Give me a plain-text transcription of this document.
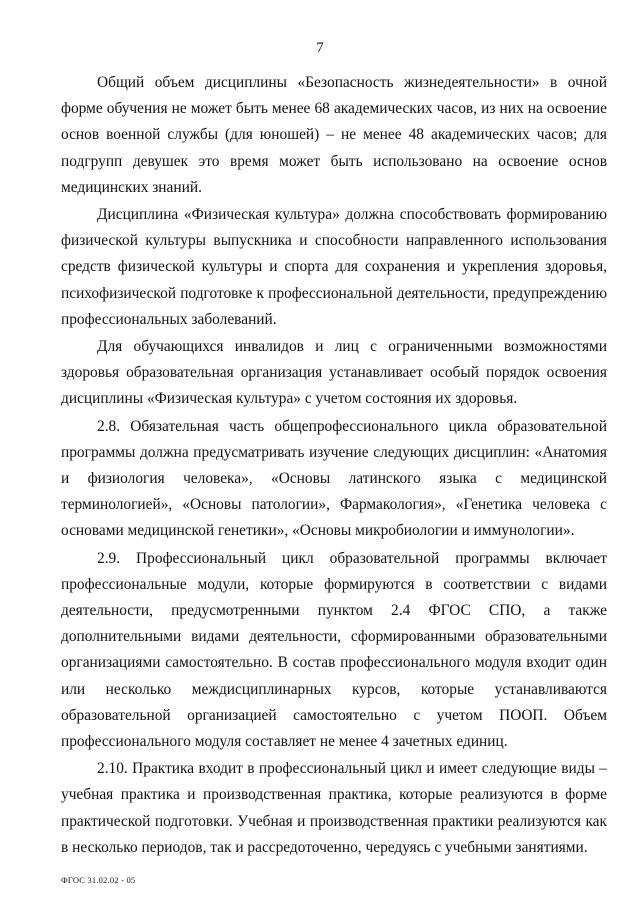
7

Общий объем дисциплины «Безопасность жизнедеятельности» в очной форме обучения не может быть менее 68 академических часов, из них на освоение основ военной службы (для юношей) – не менее 48 академических часов; для подгрупп девушек это время может быть использовано на освоение основ медицинских знаний.

Дисциплина «Физическая культура» должна способствовать формированию физической культуры выпускника и способности направленного использования средств физической культуры и спорта для сохранения и укрепления здоровья, психофизической подготовке к профессиональной деятельности, предупреждению профессиональных заболеваний.

Для обучающихся инвалидов и лиц с ограниченными возможностями здоровья образовательная организация устанавливает особый порядок освоения дисциплины «Физическая культура» с учетом состояния их здоровья.

2.8. Обязательная часть общепрофессионального цикла образовательной программы должна предусматривать изучение следующих дисциплин: «Анатомия и физиология человека», «Основы латинского языка с медицинской терминологией», «Основы патологии», Фармакология», «Генетика человека с основами медицинской генетики», «Основы микробиологии и иммунологии».

2.9. Профессиональный цикл образовательной программы включает профессиональные модули, которые формируются в соответствии с видами деятельности, предусмотренными пунктом 2.4 ФГОС СПО, а также дополнительными видами деятельности, сформированными образовательными организациями самостоятельно. В состав профессионального модуля входит один или несколько междисциплинарных курсов, которые устанавливаются образовательной организацией самостоятельно с учетом ПООП. Объем профессионального модуля составляет не менее 4 зачетных единиц.

2.10. Практика входит в профессиональный цикл и имеет следующие виды – учебная практика и производственная практика, которые реализуются в форме практической подготовки. Учебная и производственная практики реализуются как в несколько периодов, так и рассредоточенно, чередуясь с учебными занятиями.

ФГОС 31.02.02 - 05
